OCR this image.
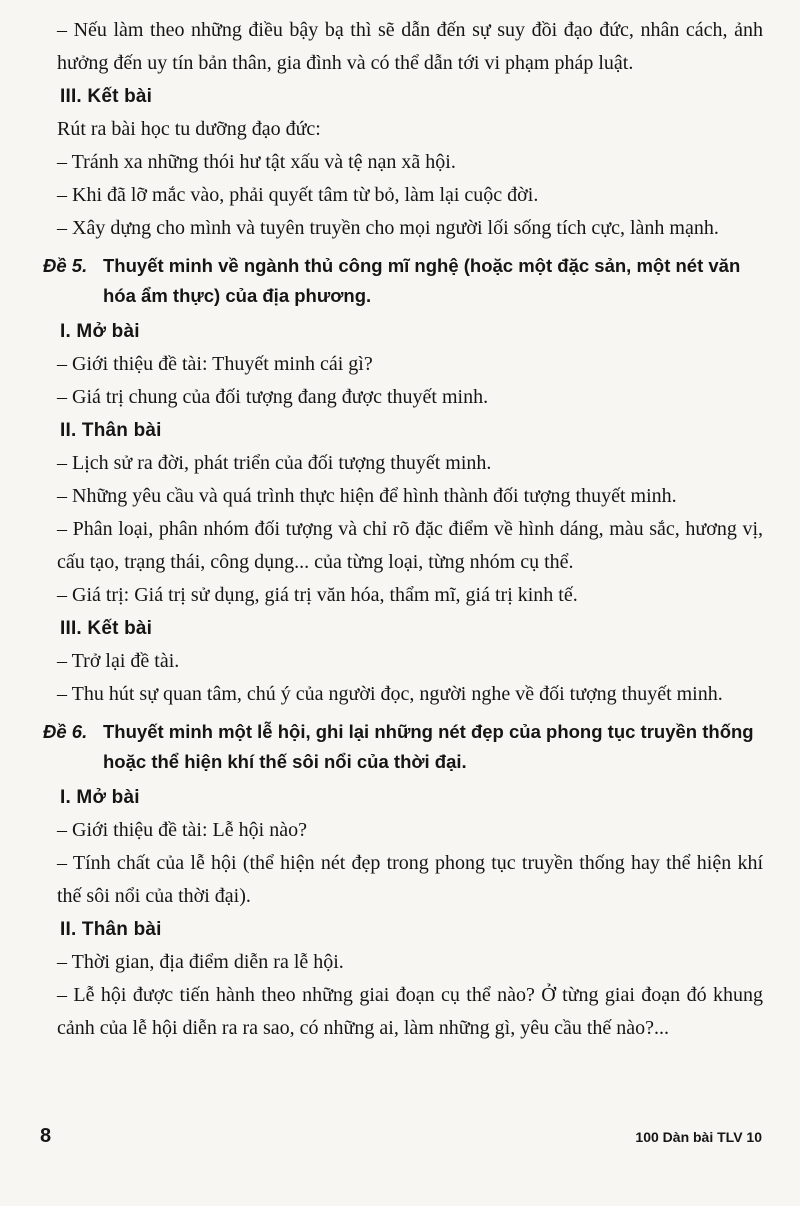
– Nếu làm theo những điều bậy bạ thì sẽ dẫn đến sự suy đồi đạo đức, nhân cách, ảnh hưởng đến uy tín bản thân, gia đình và có thể dẫn tới vi phạm pháp luật.

III. Kết bài

Rút ra bài học tu dưỡng đạo đức:

– Tránh xa những thói hư tật xấu và tệ nạn xã hội.

– Khi đã lỡ mắc vào, phải quyết tâm từ bỏ, làm lại cuộc đời.

– Xây dựng cho mình và tuyên truyền cho mọi người lối sống tích cực, lành mạnh.

Đề 5. Thuyết minh về ngành thủ công mĩ nghệ (hoặc một đặc sản, một nét văn hóa ẩm thực) của địa phương.

I. Mở bài

– Giới thiệu đề tài: Thuyết minh cái gì?

– Giá trị chung của đối tượng đang được thuyết minh.

II. Thân bài

– Lịch sử ra đời, phát triển của đối tượng thuyết minh.

– Những yêu cầu và quá trình thực hiện để hình thành đối tượng thuyết minh.

– Phân loại, phân nhóm đối tượng và chỉ rõ đặc điểm về hình dáng, màu sắc, hương vị, cấu tạo, trạng thái, công dụng... của từng loại, từng nhóm cụ thể.

– Giá trị: Giá trị sử dụng, giá trị văn hóa, thẩm mĩ, giá trị kinh tế.

III. Kết bài

– Trở lại đề tài.

– Thu hút sự quan tâm, chú ý của người đọc, người nghe về đối tượng thuyết minh.

Đề 6. Thuyết minh một lễ hội, ghi lại những nét đẹp của phong tục truyền thống hoặc thể hiện khí thế sôi nổi của thời đại.

I. Mở bài

– Giới thiệu đề tài: Lễ hội nào?

– Tính chất của lễ hội (thể hiện nét đẹp trong phong tục truyền thống hay thể hiện khí thế sôi nổi của thời đại).

II. Thân bài

– Thời gian, địa điểm diễn ra lễ hội.

– Lễ hội được tiến hành theo những giai đoạn cụ thể nào? Ở từng giai đoạn đó khung cảnh của lễ hội diễn ra ra sao, có những ai, làm những gì, yêu cầu thế nào?...

8	100 Dàn bài TLV 10
